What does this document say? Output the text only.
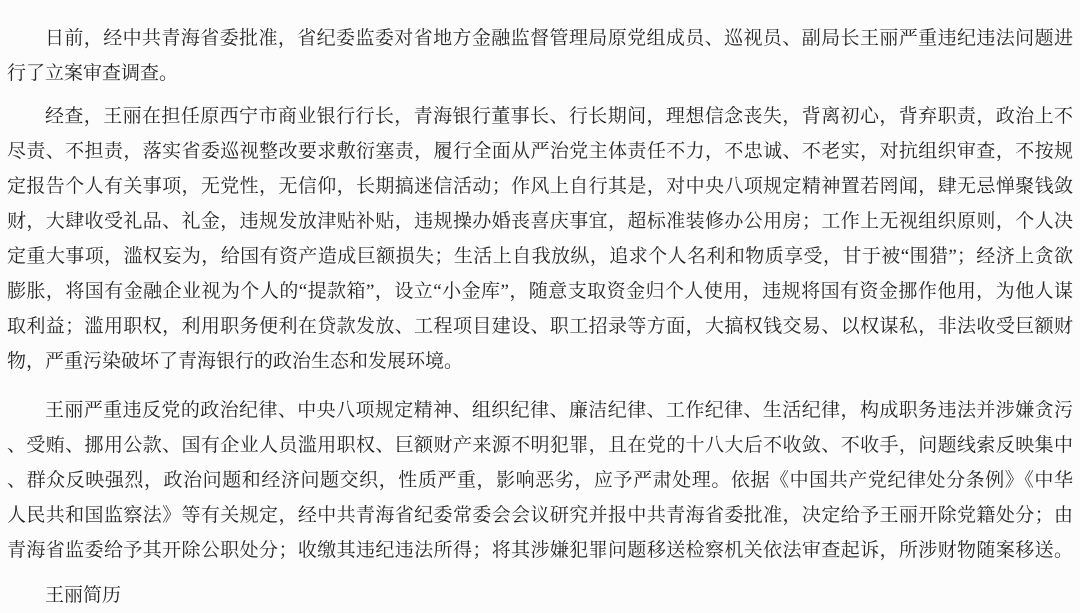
日前，经中共青海省委批准，省纪委监委对省地方金融监督管理局原党组成员、巡视员、副局长王丽严重违纪违法问题进
行了立案审查调查。
经查，王丽在担任原西宁市商业银行行长，青海银行董事长、行长期间，理想信念丧失，背离初心，背弃职责，政治上不
尽责、不担责，落实省委巡视整改要求敷衍塞责，履行全面从严治党主体责任不力，不忠诚、不老实，对抗组织审查，不按规
定报告个人有关事项，无党性，无信仰，长期搞迷信活动；作风上自行其是，对中央八项规定精神置若罔闻，肆无忌惮聚钱敛
财，大肆收受礼品、礼金，违规发放津贴补贴，违规操办婚丧喜庆事宜，超标准装修办公用房；工作上无视组织原则，个人决
定重大事项，滥权妄为，给国有资产造成巨额损失；生活上自我放纵，追求个人名利和物质享受，甘于被“围猎”；经济上贪欲
膨胀，将国有金融企业视为个人的“提款箱”，设立“小金库”，随意支取资金归个人使用，违规将国有资金挪作他用，为他人谋
取利益；滥用职权，利用职务便利在贷款发放、工程项目建设、职工招录等方面，大搞权钱交易、以权谋私，非法收受巨额财
物，严重污染破坏了青海银行的政治生态和发展环境。
王丽严重违反党的政治纪律、中央八项规定精神、组织纪律、廉洁纪律、工作纪律、生活纪律，构成职务违法并涉嫌贪污
、受贿、挪用公款、国有企业人员滥用职权、巨额财产来源不明犯罪，且在党的十八大后不收敛、不收手，问题线索反映集中
、群众反映强烈，政治问题和经济问题交织，性质严重，影响恶劣，应予严肃处理。依据《中国共产党纪律处分条例》《中华
人民共和国监察法》等有关规定，经中共青海省纪委常委会会议研究并报中共青海省委批准，决定给予王丽开除党籍处分；由
青海省监委给予其开除公职处分；收缴其违纪违法所得；将其涉嫌犯罪问题移送检察机关依法审查起诉，所涉财物随案移送。
王丽简历
